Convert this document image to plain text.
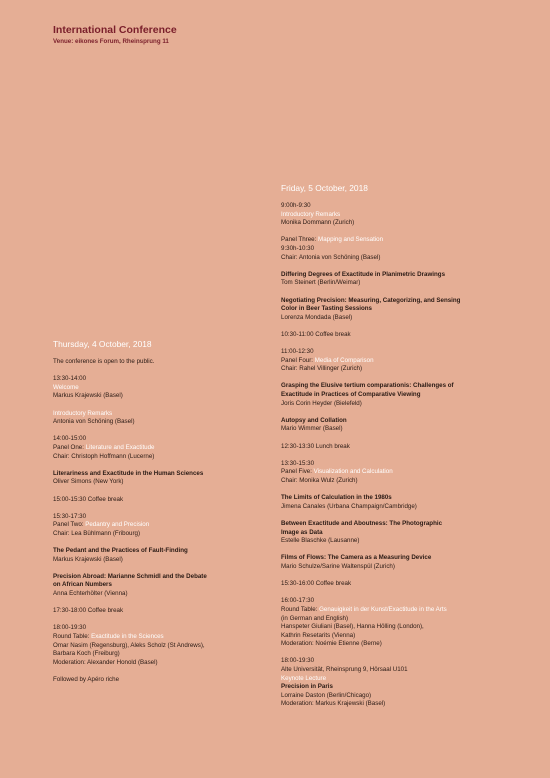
International Conference
Venue: eikones Forum, Rheinsprung 11
Thursday, 4 October, 2018
The conference is open to the public.
13:30-14:00
Welcome
Markus Krajewski (Basel)
Introductory Remarks
Antonia von Schöning (Basel)
14:00-15:00
Panel One: Literature and Exactitude
Chair: Christoph Hoffmann (Lucerne)
Literariness and Exactitude in the Human Sciences
Oliver Simons (New York)
15:00-15:30 Coffee break
15:30-17:30
Panel Two: Pedantry and Precision
Chair: Lea Bühlmann (Fribourg)
The Pedant and the Practices of Fault-Finding
Markus Krajewski (Basel)
Precision Abroad: Marianne Schmidl and the Debate
on African Numbers
Anna Echterhölter (Vienna)
17:30-18:00 Coffee break
18:00-19:30
Round Table: Exactitude in the Sciences
Omar Nasim (Regensburg), Aleks Scholz (St Andrews),
Barbara Koch (Freiburg)
Moderation: Alexander Honold (Basel)
Followed by Apéro riche
Friday, 5 October, 2018
9:00h-9:30
Introductory Remarks
Monika Dommann (Zurich)
Panel Three: Mapping and Sensation
9:30h-10:30
Chair: Antonia von Schöning (Basel)
Differing Degrees of Exactitude in Planimetric Drawings
Tom Steinert (Berlin/Weimar)
Negotiating Precision: Measuring, Categorizing, and Sensing
Color in Beer Tasting Sessions
Lorenza Mondada (Basel)
10:30-11:00 Coffee break
11:00-12:30
Panel Four: Media of Comparison
Chair: Rahel Villinger (Zurich)
Grasping the Elusive tertium comparationis: Challenges of
Exactitude in Practices of Comparative Viewing
Joris Corin Heyder (Bielefeld)
Autopsy and Collation
Mario Wimmer (Basel)
12:30-13:30 Lunch break
13:30-15:30
Panel Five: Visualization and Calculation
Chair: Monika Wulz (Zurich)
The Limits of Calculation in the 1980s
Jimena Canales (Urbana Champaign/Cambridge)
Between Exactitude and Aboutness: The Photographic
Image as Data
Estelle Blaschke (Lausanne)
Films of Flows: The Camera as a Measuring Device
Mario Schulze/Sarine Waltenspül (Zurich)
15:30-16:00 Coffee break
16:00-17:30
Round Table: Genauigkeit in der Kunst/Exactitude in the Arts
(in German and English)
Hanspeter Giuliani (Basel), Hanna Hölling (London),
Kathrin Resetarits (Vienna)
Moderation: Noémie Etienne (Berne)
18:00-19:30
Alte Universität, Rheinsprung 9, Hörsaal U101
Keynote Lecture
Precision in Paris
Lorraine Daston (Berlin/Chicago)
Moderation: Markus Krajewski (Basel)
